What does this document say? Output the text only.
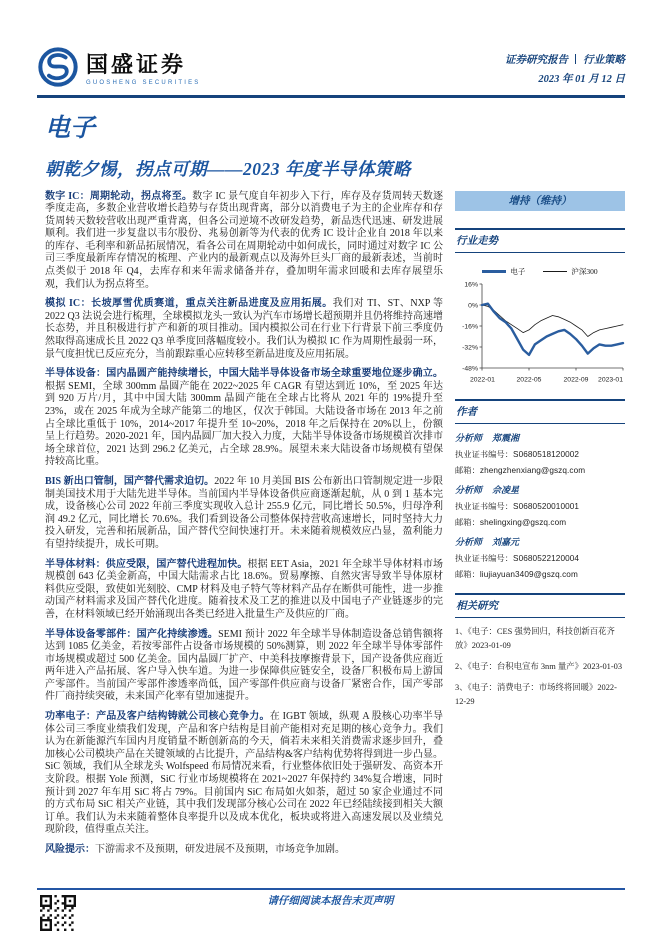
国盛证券
GUOSHENG SECURITIES
证券研究报告 行业策略
2023 年 01 月 12 日
电子
朝乾夕惕，拐点可期——2023 年度半导体策略

数字 IC：周期轮动，拐点将至。数字 IC 景气度自年初步入下行，库存及存货周转天数逐季度走高，多数企业营收增长趋势与存货出现背离，部分以消费电子为主的企业库存和存货周转天数较营收出现严重背离，但各公司逆境不改研发趋势，新品迭代迅速、研发进展顺利。我们进一步复盘以韦尔股份、兆易创新等为代表的优秀 IC 设计企业自 2018 年以来的库存、毛利率和新品拓展情况，看各公司在周期轮动中如何成长，同时通过对数字 IC 公司三季度最新库存情况的梳理、产业内的最新观点以及海外巨头厂商的最新表述，当前时点类似于 2018 年 Q4，去库存和来年需求储备并存，叠加明年需求回暖和去库存展望乐观，我们认为拐点将至。

模拟 IC：长坡厚雪优质赛道，重点关注新品进度及应用拓展。我们对 TI、ST、NXP 等 2022 Q3 法说会进行梳理，全球模拟龙头一致认为汽车市场增长超预期并且仍将维持高速增长态势，并且积极进行扩产和新的项目推动。国内模拟公司在行业下行背景下前三季度仍然取得高速成长且 2022 Q3 单季度回落幅度较小。我们认为模拟 IC 作为周期性最弱一环，景气度担忧已反应充分，当前跟踪重心应转移至新品进度及应用拓展。

半导体设备：国内晶圆产能持续增长，中国大陆半导体设备市场全球重要地位逐步确立。根据 SEMI，全球 300mm 晶圆产能在 2022~2025 年 CAGR 有望达到近 10%，至 2025 年达到 920 万片/月，其中中国大陆 300mm 晶圆产能在全球占比将从 2021 年的 19%提升至 23%，或在 2025 年成为全球产能第二的地区，仅次于韩国。大陆设备市场在 2013 年之前占全球比重低于 10%，2014~2017 年提升至 10~20%，2018 年之后保持在 20%以上，份额呈上行趋势。2020-2021 年，国内晶圆厂加大投入力度，大陆半导体设备市场规模首次排市场全球首位，2021 达到 296.2 亿美元，占全球 28.9%。展望未来大陆设备市场规模有望保持较高比重。

BIS 新出口管制，国产替代需求迫切。2022 年 10 月美国 BIS 公布新出口管制规定进一步限制美国技术用于大陆先进半导体。当前国内半导体设备供应商逐渐起航，从 0 到 1 基本完成，设备核心公司 2022 年前三季度实现收入总计 255.9 亿元，同比增长 50.5%，归母净利润 49.2 亿元，同比增长 70.6%。我们看到设备公司整体保持营收高速增长，同时坚持大力投入研发，完善和拓展新品，国产替代空间快速打开。未来随着规模效应凸显，盈利能力有望持续提升，成长可期。

半导体材料：供应受限，国产替代进程加快。根据 EET Asia，2021 年全球半导体材料市场规模创 643 亿美金新高，中国大陆需求占比 18.6%。贸易摩擦、自然灾害导致半导体原材料供应受限，致使如光刻胶、CMP 材料及电子特气等材料产品存在断供可能性，进一步推动国产材料需求及国产替代化进度。随着技术及工艺的推进以及中国电子产业链逐步的完善，在材料领域已经开始涌现出各类已经进入批量生产及供应的厂商。

半导体设备零部件：国产化持续渗透。SEMI 预计 2022 年全球半导体制造设备总销售额将达到 1085 亿美金，若按零部件占设备市场规模的 50%测算，则 2022 年全球半导体零部件市场规模或超过 500 亿美金。国内晶圆厂扩产、中美科技摩擦背景下，国产设备供应商近两年进入产品拓展、客户导入快车道。为进一步保障供应链安全，设备厂积极布局上游国产零部件。当前国产零部件渗透率尚低，国产零部件供应商与设备厂紧密合作，国产零部件厂商持续突破，未来国产化率有望加速提升。

功率电子：产品及客户结构铸就公司核心竞争力。在 IGBT 领域，纵观 A 股核心功率半导体公司三季度业绩我们发现，产品和客户结构是目前产能相对充足期的核心竞争力。我们认为在新能源汽车国内月度销量不断创新高的今天，倘若未来相关消费需求逐步回升，叠加核心公司模块产品在关键领域的占比提升，产品结构&客户结构优势将得到进一步凸显。SiC 领域，我们从全球龙头 Wolfspeed 布局情况来看，行业整体依旧处于强研发、高资本开支阶段。根据 Yole 预测，SiC 行业市场规模将在 2021~2027 年保持约 34%复合增速，同时预计到 2027 年车用 SiC 将占 79%。目前国内 SiC 布局如火如荼，超过 50 家企业通过不同的方式布局 SiC 相关产业链，其中我们发现部分核心公司在 2022 年已经陆续接到相关大额订单。我们认为未来随着整体良率提升以及成本优化，板块或将进入高速发展以及业绩兑现阶段，值得重点关注。

风险提示：下游需求不及预期，研发进展不及预期，市场竞争加剧。

增持（维持）
行业走势
电子	沪深300
16%
0%
-16%
-32%
-48%
2022-01	2022-05	2022-09 2023-01
作者
分析师 郑震湘
执业证书编号：S0680518120002
邮箱：zhengzhenxiang@gszq.com
分析师 佘凌星
执业证书编号：S0680520010001
邮箱：shelingxing@gszq.com
分析师 刘嘉元
执业证书编号：S0680522120004
邮箱：liujiayuan3409@gszq.com
相关研究
1、《电子：CES 强势回归，科技创新百花齐放》2023-01-09
2、《电子：台积电宣布 3nm 量产》2023-01-03
3、《电子：消费电子：市场终将回暖》2022-12-29
请仔细阅读本报告末页声明
